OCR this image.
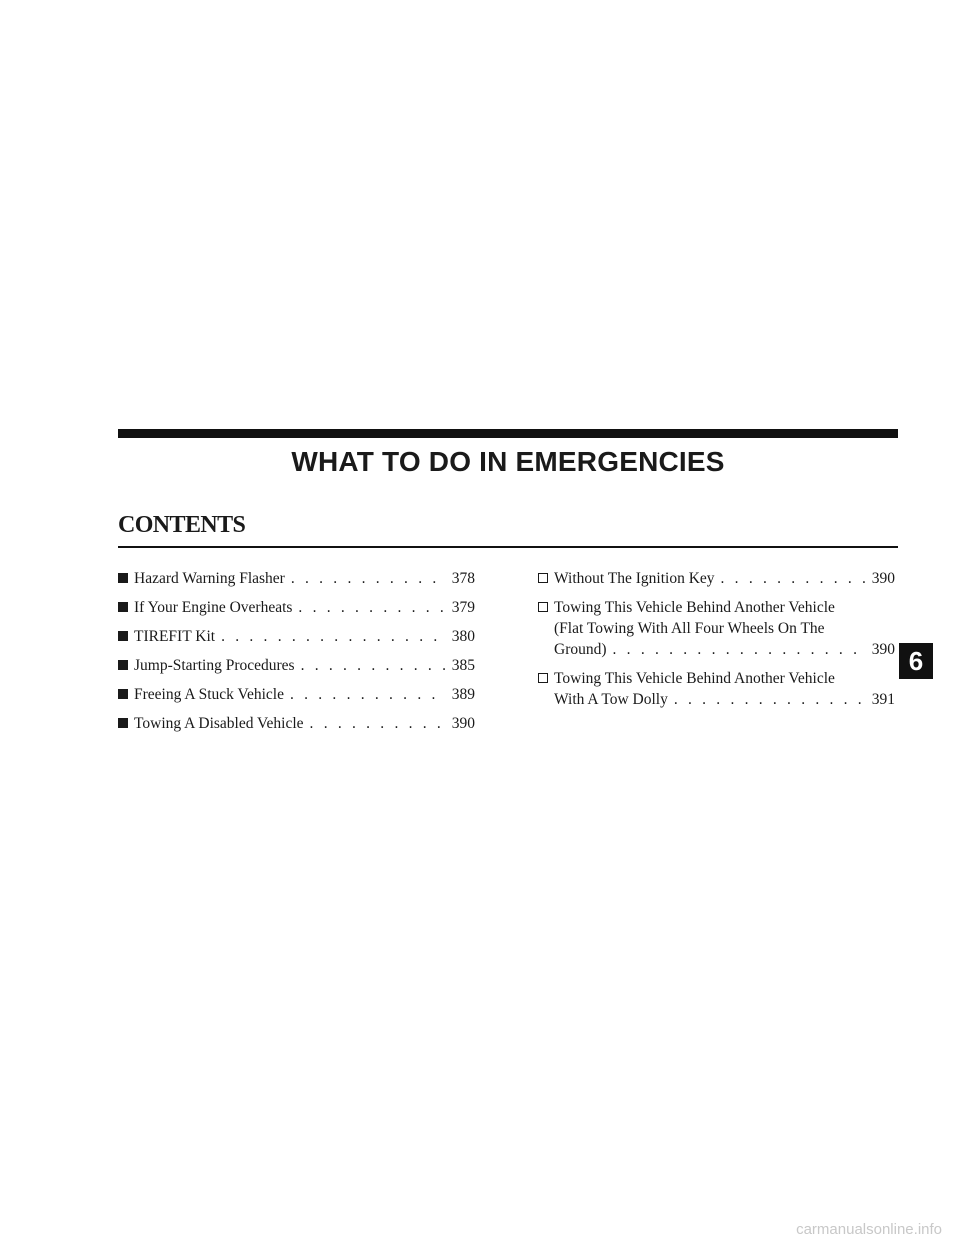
WHAT TO DO IN EMERGENCIES
CONTENTS
Hazard Warning Flasher . . .	378
If Your Engine Overheats . . .	379
TIREFIT Kit . . .	380
Jump-Starting Procedures . . .	385
Freeing A Stuck Vehicle . . .	389
Towing A Disabled Vehicle . . .	390
Without The Ignition Key . . .	390
Towing This Vehicle Behind Another Vehicle
(Flat Towing With All Four Wheels On The
Ground) . . .	390
Towing This Vehicle Behind Another Vehicle
With A Tow Dolly . . .	391
6
carmanualsonline.info
